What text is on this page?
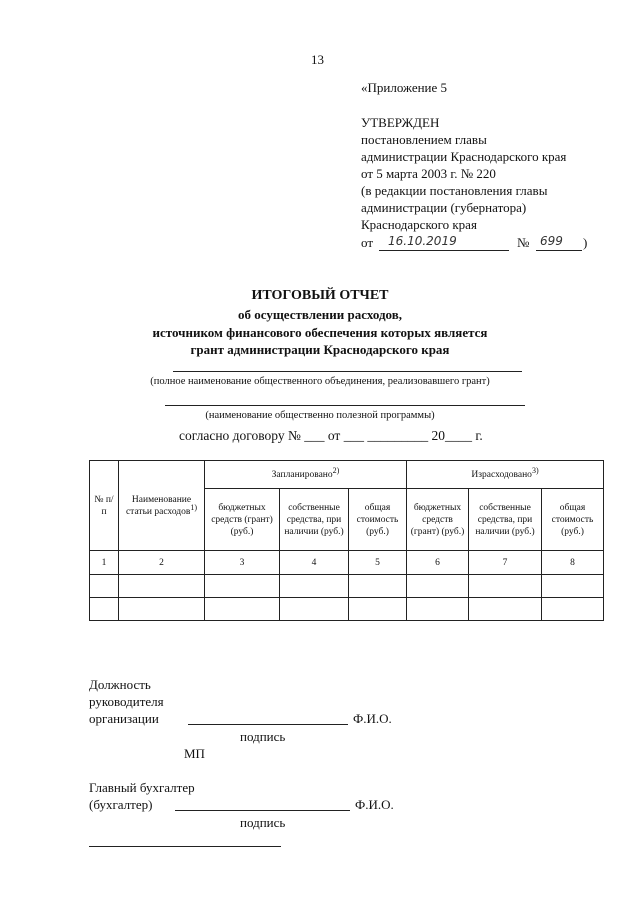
13
«Приложение 5
УТВЕРЖДЕН
постановлением главы
администрации Краснодарского края
от 5 марта 2003 г. № 220
(в редакции постановления главы
администрации (губернатора)
Краснодарского края
от 16.10.2019	№ 699 )
ИТОГОВЫЙ ОТЧЕТ
об осуществлении расходов,
источником финансового обеспечения которых является
грант администрации Краснодарского края
(полное наименование общественного объединения, реализовавшего грант)
(наименование общественно полезной программы)
согласно договору № ___ от ___ _________ 20____ г.
№ п/п	Наименование статьи расходов$^{1)}$	Запланировано$^{2)}$			Израсходовано$^{3)}$
		бюджетных средств (грант) (руб.)	собственные средства, при наличии (руб.)	общая стоимость (руб.)	бюджетных средств (грант) (руб.)	собственные средства, при наличии (руб.)	общая стоимость (руб.)
1	2	3	4	5	6	7	8

Должность
руководителя
организации	Ф.И.О.
подпись
МП
Главный бухгалтер
(бухгалтер)	Ф.И.О.
подпись
